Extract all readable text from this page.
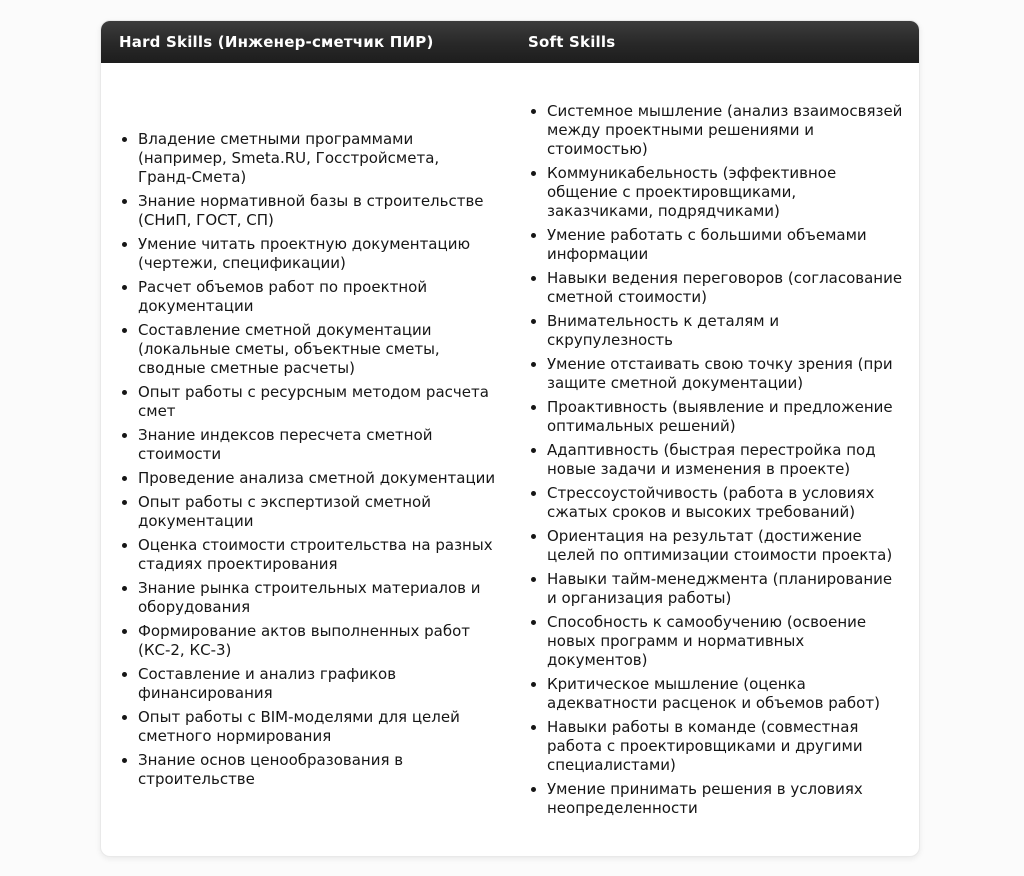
Hard Skills (Инженер-сметчик ПИР)	Soft Skills
• Владение сметными программами (например, Smeta.RU, Госстройсмета, Гранд-Смета)
• Знание нормативной базы в строительстве (СНиП, ГОСТ, СП)
• Умение читать проектную документацию (чертежи, спецификации)
• Расчет объемов работ по проектной документации
• Составление сметной документации (локальные сметы, объектные сметы, сводные сметные расчеты)
• Опыт работы с ресурсным методом расчета смет
• Знание индексов пересчета сметной стоимости
• Проведение анализа сметной документации
• Опыт работы с экспертизой сметной документации
• Оценка стоимости строительства на разных стадиях проектирования
• Знание рынка строительных материалов и оборудования
• Формирование актов выполненных работ (КС-2, КС-3)
• Составление и анализ графиков финансирования
• Опыт работы с BIM-моделями для целей сметного нормирования
• Знание основ ценообразования в строительстве
• Системное мышление (анализ взаимосвязей между проектными решениями и стоимостью)
• Коммуникабельность (эффективное общение с проектировщиками, заказчиками, подрядчиками)
• Умение работать с большими объемами информации
• Навыки ведения переговоров (согласование сметной стоимости)
• Внимательность к деталям и скрупулезность
• Умение отстаивать свою точку зрения (при защите сметной документации)
• Проактивность (выявление и предложение оптимальных решений)
• Адаптивность (быстрая перестройка под новые задачи и изменения в проекте)
• Стрессоустойчивость (работа в условиях сжатых сроков и высоких требований)
• Ориентация на результат (достижение целей по оптимизации стоимости проекта)
• Навыки тайм-менеджмента (планирование и организация работы)
• Способность к самообучению (освоение новых программ и нормативных документов)
• Критическое мышление (оценка адекватности расценок и объемов работ)
• Навыки работы в команде (совместная работа с проектировщиками и другими специалистами)
• Умение принимать решения в условиях неопределенности
